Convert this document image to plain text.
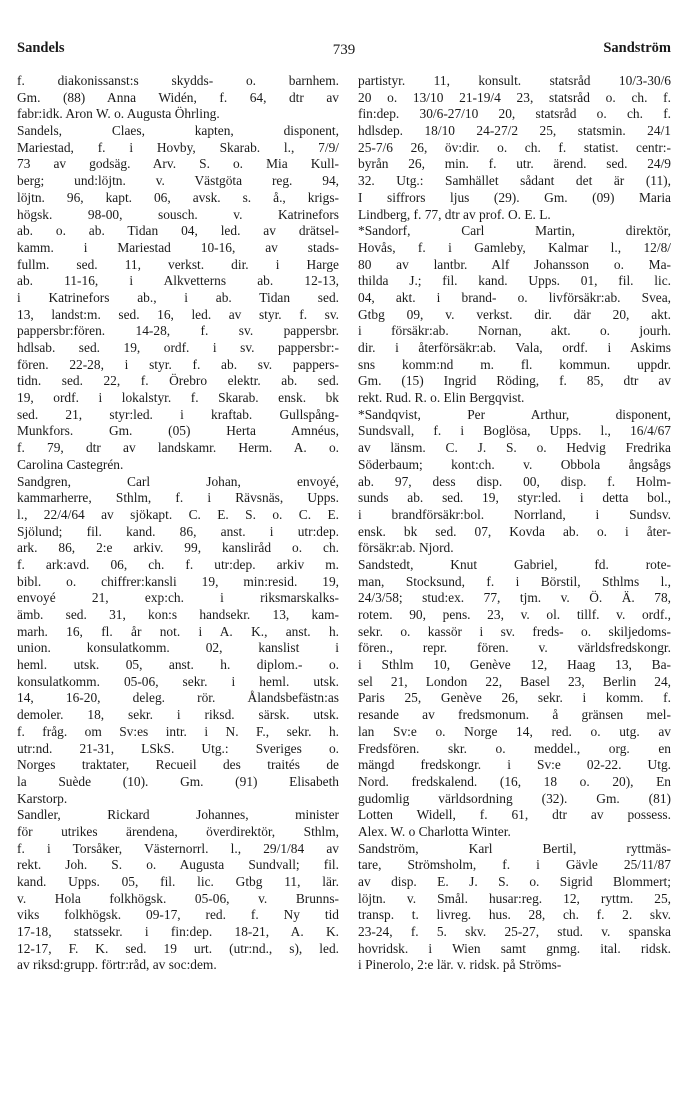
Sandels	739	Sandström
f. diakonissanst:s skydds- o. barnhem.
Gm. (88) Anna Widén, f. 64, dtr av
fabr:idk. Aron W. o. Augusta Öhrling.
Sandels, Claes, kapten, disponent,
Mariestad, f. i Hovby, Skarab. l., 7/9/
73 av godsäg. Arv. S. o. Mia Kull-
berg; und:löjtn. v. Västgöta reg. 94,
löjtn. 96, kapt. 06, avsk. s. å., krigs-
högsk. 98-00, sousch. v. Katrinefors
ab. o. ab. Tidan 04, led. av drätsel-
kamm. i Mariestad 10-16, av stads-
fullm. sed. 11, verkst. dir. i Harge
ab. 11-16, i Alkvetterns ab. 12-13,
i Katrinefors ab., i ab. Tidan sed.
13, landst:m. sed. 16, led. av styr. f. sv.
pappersbr:fören. 14-28, f. sv. pappersbr.
hdlsab. sed. 19, ordf. i sv. pappersbr:-
fören. 22-28, i styr. f. ab. sv. pappers-
tidn. sed. 22, f. Örebro elektr. ab. sed.
19, ordf. i lokalstyr. f. Skarab. ensk. bk
sed. 21, styr:led. i kraftab. Gullspång-
Munkfors. Gm. (05) Herta Amnéus,
f. 79, dtr av landskamr. Herm. A. o.
Carolina Castegrén.
Sandgren, Carl Johan, envoyé,
kammarherre, Sthlm, f. i Rävsnäs, Upps.
l., 22/4/64 av sjökapt. C. E. S. o. C. E.
Sjölund; fil. kand. 86, anst. i utr:dep.
ark. 86, 2:e arkiv. 99, kanslіråd o. ch.
f. ark:avd. 06, ch. f. utr:dep. arkiv m.
bibl. o. chiffrer:kansli 19, min:resid. 19,
envoyé 21, exp:ch. i riksmarskalks-
ämb. sed. 31, kon:s handsekr. 13, kam-
marh. 16, fl. år not. i A. K., anst. h.
union. konsulatkomm. 02, kanslist i
heml. utsk. 05, anst. h. diplom.- o.
konsulatkomm. 05-06, sekr. i heml. utsk.
14, 16-20, deleg. rör. Ålandsbefästn:as
demoler. 18, sekr. i riksd. särsk. utsk.
f. fråg. om Sv:es intr. i N. F., sekr. h.
utr:nd. 21-31, LSkS. Utg.: Sveriges o.
Norges traktater, Recueil des traités de
la Suède (10). Gm. (91) Elisabeth
Karstorp.
Sandler, Rickard Johannes, minister
för utrikes ärendena, överdirektör, Sthlm,
f. i Torsåker, Västernorrl. l., 29/1/84 av
rekt. Joh. S. o. Augusta Sundvall; fil.
kand. Upps. 05, fil. lic. Gtbg 11, lär.
v. Hola folkhögsk. 05-06, v. Brunns-
viks folkhögsk. 09-17, red. f. Ny tid
17-18, statssekr. i fin:dep. 18-21, A. K.
12-17, F. K. sed. 19 urt. (utr:nd., s), led.
av riksd:grupp. förtr:råd, av soc:dem.
partistyr. 11, konsult. statsråd 10/3-30/6
20 o. 13/10 21-19/4 23, statsråd o. ch. f.
fin:dep. 30/6-27/10 20, statsråd o. ch. f.
hdlsdep. 18/10 24-27/2 25, statsmin. 24/1
25-7/6 26, öv:dir. o. ch. f. statist. centr:-
byrån 26, min. f. utr. ärend. sed. 24/9
32. Utg.: Samhället sådant det är (11),
I siffrors ljus (29). Gm. (09) Maria
Lindberg, f. 77, dtr av prof. O. E. L.
*Sandorf, Carl Martin, direktör,
Hovås, f. i Gamleby, Kalmar l., 12/8/
80 av lantbr. Alf Johansson o. Ma-
thilda J.; fil. kand. Upps. 01, fil. lic.
04, akt. i brand- o. livförsäkr:ab. Svea,
Gtbg 09, v. verkst. dir. där 20, akt.
i försäkr:ab. Nornan, akt. o. jourh.
dir. i återförsäkr:ab. Vala, ordf. i Askims
sns komm:nd m. fl. kommun. uppdr.
Gm. (15) Ingrid Röding, f. 85, dtr av
rekt. Rud. R. o. Elin Bergqvist.
*Sandqvist, Per Arthur, disponent,
Sundsvall, f. i Boglösa, Upps. l., 16/4/67
av länsm. C. J. S. o. Hedvig Fredrika
Söderbaum; kont:ch. v. Obbola ångsågs
ab. 97, dess disp. 00, disp. f. Holm-
sunds ab. sed. 19, styr:led. i detta bol.,
i brandförsäkr:bol. Norrland, i Sundsv.
ensk. bk sed. 07, Kovda ab. o. i åter-
försäkr:ab. Njord.
Sandstedt, Knut Gabriel, fd. rote-
man, Stocksund, f. i Börstil, Sthlms l.,
24/3/58; stud:ex. 77, tjm. v. Ö. Ä. 78,
rotem. 90, pens. 23, v. ol. tillf. v. ordf.,
sekr. o. kassör i sv. freds- o. skiljedoms-
fören., repr. fören. v. världsfredskongr.
i Sthlm 10, Genève 12, Haag 13, Ba-
sel 21, London 22, Basel 23, Berlin 24,
Paris 25, Genève 26, sekr. i komm. f.
resande av fredsmonum. å gränsen mel-
lan Sv:e o. Norge 14, red. o. utg. av
Fredsfören. skr. o. meddel., org. en
mängd fredskongr. i Sv:e 02-22. Utg.
Nord. fredskalend. (16, 18 o. 20), En
gudomlig världsordning (32). Gm. (81)
Lotten Widell, f. 61, dtr av possess.
Alex. W. o Charlotta Winter.
Sandström, Karl Bertil, ryttmäs-
tare, Strömsholm, f. i Gävle 25/11/87
av disp. E. J. S. o. Sigrid Blommert;
löjtn. v. Smål. husar:reg. 12, ryttm. 25,
transp. t. livreg. hus. 28, ch. f. 2. skv.
23-24, f. 5. skv. 25-27, stud. v. spanska
hovridsk. i Wien samt gnmg. ital. ridsk.
i Pinerolo, 2:e lär. v. ridsk. på Ströms-
